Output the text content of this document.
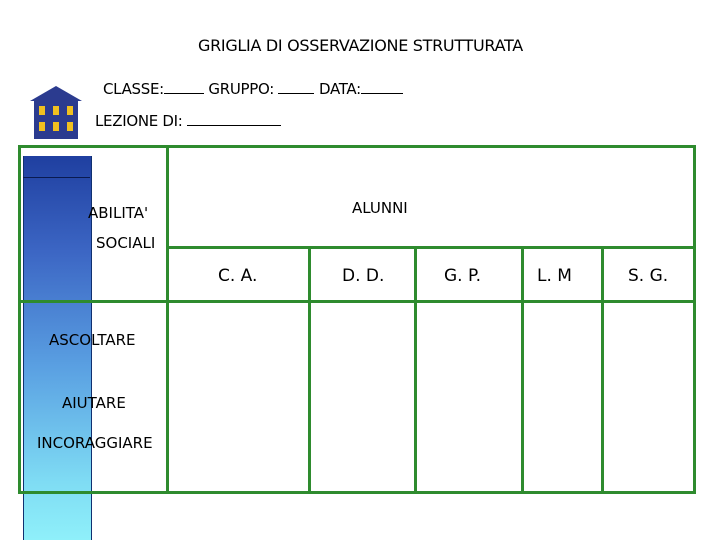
GRIGLIA DI OSSERVAZIONE STRUTTURATA
CLASSE:	GRUPPO:	DATA:
LEZIONE DI:
ABILITA'
SOCIALI
ALUNNI
C. A.	D. D.	G. P.	L. M	S. G.
ASCOLTARE
AIUTARE
INCORAGGIARE
